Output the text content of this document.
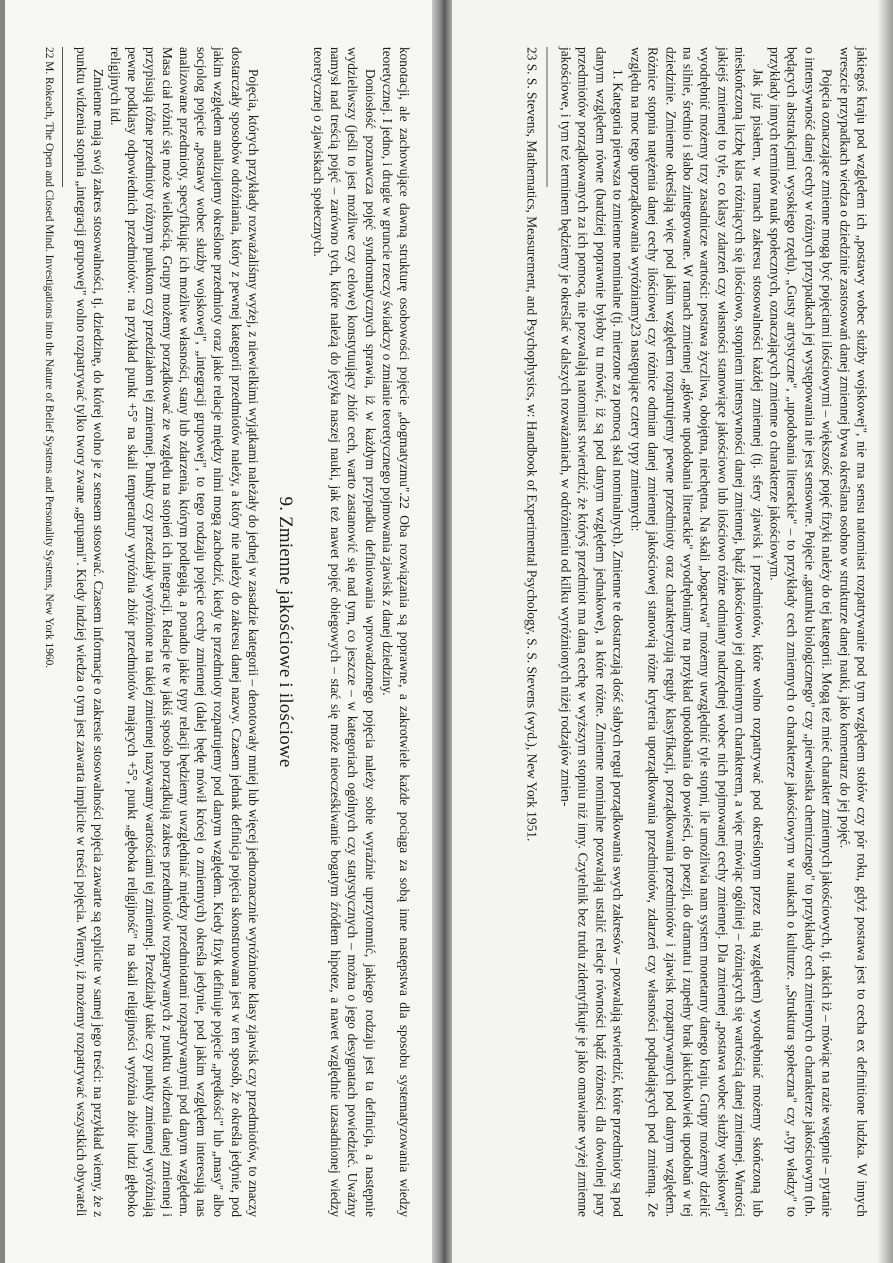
konotacji, ale zachowujące dawną strukturę osobowości pojęcie „dogmatyzmu".22 Oba rozwiązania są poprawne, a zakrotwiele każde pociąga za sobą inne następstwa dla sposobu systematyzowania wiedzy teoretycznej. I jedno, i drugie w gruncie rzeczy świadczy o zmianie teoretycznego pojmowania zjawisk z danej dziedziny.

Doniosłość poznawcza pojęć syndromatycznych sprawia, iż w każdym przypadku definiowania wprowadzonego pojęcia należy sobie wyraźnie uprzytomnić, jakiego rodzaju jest ta definicja, a następnie wydzieliwszy (jeśli to jest możliwe czy celowe) konstytuujący zbiór cech, warto zastanowić się nad tym, co jeszcze – w kategoriach ogólnych czy statystycznych – można o jego desygnatach powiedzieć. Uważny namysł nad treścią pojęć – zarówno tych, które należą do języka naszej nauki, jak też nawet pojęć obiegowych – stać się może nieocześkiwanie bogatym źródłem hipotez, a nawet względnie uzasadnionej wiedzy teoretycznej o zjawiskach społecznych.

9. Zmienne jakościowe i ilościowe

Pojęcia, których przykłady rozważaliśmy wyżej, z niewielkimi wyjątkami należały do jednej w zasadzie kategorii – denotowały mniej lub więcej jednoznacznie wyróżnione klasy zjawisk czy przedmiotów, to znaczy dostarczały sposobów odróżniania, który z pewnej kategorii przedmiotów należy, a który nie należy do zakresu danej nazwy. Czasem jednak definicja pojęcia skonstruowana jest w ten sposób, że określa jedynie, pod jakim względem analizujemy określone przedmioty oraz jakie relacje między nimi mogą zachodzić, kiedy te przedmioty rozpatrujemy pod danym względem. Kiedy fizyk definiuje pojęcie „prędkości" lub „masy" albo socjolog pojęcie „postawy wobec służby wojskowej", „integracji grupowej", to tego rodzaju pojęcie cechy zmiennej (dalej będę mówił krócej o zmiennych) określa jedynie, pod jakim względem interesują nas analizowane przedmioty, specyfikując ich możliwe własności, stany lub zdarzenia, którym podlegają, a ponadto jakie typy relacji będziemy uwzględniać między przedmiotami rozpatrywanymi pod danym względem. Masa ciał różnić się może wielkością. Grupy możemy porządkować ze względu na stopień ich integracji. Relacje te w jakiś sposób porządkują zakres przedmiotów rozpatrywanych z punktu widzenia danej zmiennej i przypisują różne przedmioty różnym punktom czy przedziałom tej zmiennej. Punkty czy przedziały wyróżnione na takiej zmiennej nazywamy wartościami tej zmiennej. Przedziały takie czy punkty zmiennej wyróżniają pewne podklasy odpowiednich przedmiotów: na przykład punkt +5° na skali temperatury wyróżnia zbiór przedmiotów mających +5°, punkt „głęboka religijność" na skali religijności wyróżnia zbiór ludzi głęboko religijnych itd.

Zmienne mają swój zakres stosowalności, tj. dziedzinę, do której wolno je z sensem stosować. Czasem informacje o zakresie stosowalności pojęcia zawarte są explicite w samej jego treści: na przykład wiemy, że z punktu widzenia stopnia „integracji grupowej" wolno rozpatrywać tylko twory zwane „grupami". Kiedy indziej wiedza o tym jest zawarta implicite w treści pojęcia. Wiemy, iż możemy rozpatrywać wszystkich obywateli

22 M. Rokeach, The Open and Closed Mind. Investigations into the Nature of Belief Systems and Personality Systems, New York 1960.	jakiegoś kraju pod względem ich „postawy wobec służby wojskowej", nie ma sensu natomiast rozpatrywanie pod tym względem stołów czy pór roku, gdyż postawa jest to cecha ex definitione ludzka. W innych wreszcie przypadkach wiedza o dziedzinie zastosowań danej zmiennej bywa określana osobno w strukturze danej nauki, jako komentarz do jej pojęć.

Pojęcia oznaczające zmienne mogą być pojęciami ilościowymi – większość pojęć fizyki należy do tej kategorii. Mogą też mieć charakter zmiennych jakościowych, tj. takich iż – mówiąc na razie wstępnie – pytanie o intensywność danej cechy w różnych przypadkach jej występowania nie jest sensowne. Pojęcie „gatunku biologicznego" czy „pierwiastka chemicznego" to przykłady cech zmiennych o charakterze jakościowym (nb. będących abstrakcjami wysokiego rzędu). „Gusty artystyczne", „upodobania literackie" – to przykłady cech zmiennych o charakterze jakościowym w naukach o kulturze. „Struktura społeczna" czy „typ władzy" to przykłady innych terminów nauk społecznych, oznaczających zmienne o charakterze jakościowym.

Jak już pisałem, w ramach zakresu stosowalności każdej zmiennej (tj. sfery zjawisk i przedmiotów, które wolno rozpatrywać pod określonym przez nią względem) wyodrębniać możemy skończoną lub nieskończoną liczbę klas różniących się ilościowo, stopniem intensywności danej zmiennej, bądź jakościowo jej odmiennym charakterem, a więc mówiąc ogólniej – różniących się wartością danej zmiennej. Wartości jakiejś zmiennej to tyle, co klasy zdarzeń czy własności stanowiące jakościowo lub ilościowo różne odmiany nadrzędnej wobec nich pojmowanej cechy zmiennej. Dla zmiennej „postawa wobec służby wojskowej" wyodrębnić możemy trzy zasadnicze wartości: postawa życzliwa, obojętna, niechętna. Na skali „bogactwa" możemy uwzględnić tyle stopni, ile umożliwia nam system monetarny danego kraju. Grupy możemy dzielić na silnie, średnio i słabo zintegrowane. W ramach zmiennej „główne upodobania literackie" wyodrębniamy na przykład upodobania do powieści, do poezji, do dramatu i zupełny brak jakichkolwiek upodobań w tej dziedzinie. Zmienne określają więc pod jakim względem rozpatrujemy pewne przedmioty oraz charakteryzują reguły klasyfikacji, porządkowania przedmiotów i zjawisk rozpatrywanych pod danym względem. Różnice stopnia natężenia danej cechy ilościowej czy różnice odmian danej zmiennej jakościowej stanowią różne kryteria uporządkowania przedmiotów, zdarzeń czy własności podpadających pod zmienną. Ze względu na moc tego uporządkowania wyróżniamy23 następujące cztery typy zmiennych:

1. Kategoria pierwsza to zmienne nominalne (tj. mierzone za pomocą skal nominalnych). Zmienne te dostarczają dość słabych reguł porządkowania swych zakresów – pozwalają stwierdzić, które przedmioty są pod danym względem równe (bardziej poprawnie byłoby tu mówić, iż są pod danym względem jednakowe), a które różne. Zmienne nominalne pozwalają ustalić relacje równości bądź różności dla dowolnej pary przedmiotów porządkowanych za ich pomocą, nie pozwalają natomiast stwierdzić, że któryś przedmiot ma daną cechę w wyższym stopniu niż inny. Czytelnik bez trudu zidentyfikuje je jako omawiane wyżej zmienne jakościowe, i tym też terminem będziemy je określać w dalszych rozważaniach, w odróżnieniu od kilku wyróżnionych niżej rodzajów zmien-

23 S. S. Stevens, Mathematics, Measurement, and Psychophysics, w: Handbook of Experimental Psychology, S. S. Stevens (wyd.), New York 1951.
